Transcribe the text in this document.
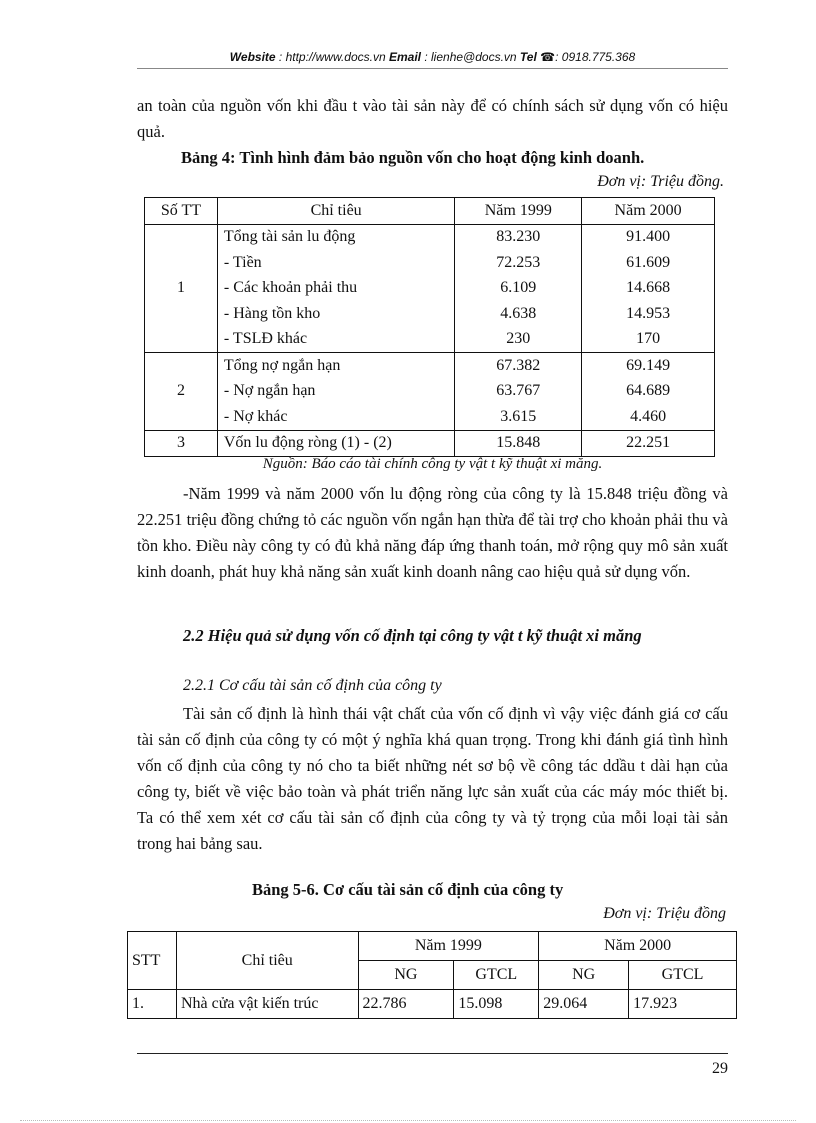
Website : http://www.docs.vn Email : lienhe@docs.vn Tel ☎: 0918.775.368

an toàn của nguồn vốn khi đầu t vào tài sản này để có chính sách sử dụng vốn có hiệu quả.

Bảng 4: Tình hình đảm bảo nguồn vốn cho hoạt động kinh doanh.
Đơn vị: Triệu đồng.
Số TT	Chỉ tiêu	Năm 1999	Năm 2000
1	Tổng tài sản lu động	83.230	91.400
	- Tiền	72.253	61.609
	- Các khoản phải thu	6.109	14.668
	- Hàng tồn kho	4.638	14.953
	- TSLĐ khác	230	170
2	Tổng nợ ngắn hạn	67.382	69.149
	- Nợ ngắn hạn	63.767	64.689
	- Nợ khác	3.615	4.460
3	Vốn lu động ròng (1) - (2)	15.848	22.251
Nguồn: Báo cáo tài chính công ty vật t kỹ thuật xi măng.

-Năm 1999 và năm 2000 vốn lu động ròng của công ty là 15.848 triệu đồng và 22.251 triệu đồng chứng tỏ các nguồn vốn ngắn hạn thừa để tài trợ cho khoản phải thu và tồn kho. Điều này công ty có đủ khả năng đáp ứng thanh toán, mở rộng quy mô sản xuất kinh doanh, phát huy khả năng sản xuất kinh doanh nâng cao hiệu quả sử dụng vốn.

2.2 Hiệu quả sử dụng vốn cố định tại công ty vật t kỹ thuật xi măng

2.2.1 Cơ cấu tài sản cố định của công ty

Tài sản cố định là hình thái vật chất của vốn cố định vì vậy việc đánh giá cơ cấu tài sản cố định của công ty có một ý nghĩa khá quan trọng. Trong khi đánh giá tình hình vốn cố định của công ty nó cho ta biết những nét sơ bộ về công tác ddầu t dài hạn của công ty, biết về việc bảo toàn và phát triển năng lực sản xuất của các máy móc thiết bị. Ta có thể xem xét cơ cấu tài sản cố định của công ty và tỷ trọng của mỗi loại tài sản trong hai bảng sau.

Bảng 5-6. Cơ cấu tài sản cố định của công ty
Đơn vị: Triệu đồng
STT	Chỉ tiêu	Năm 1999		Năm 2000	
		NG	GTCL	NG	GTCL
1.	Nhà cửa vật kiến trúc	22.786	15.098	29.064	17.923
29
